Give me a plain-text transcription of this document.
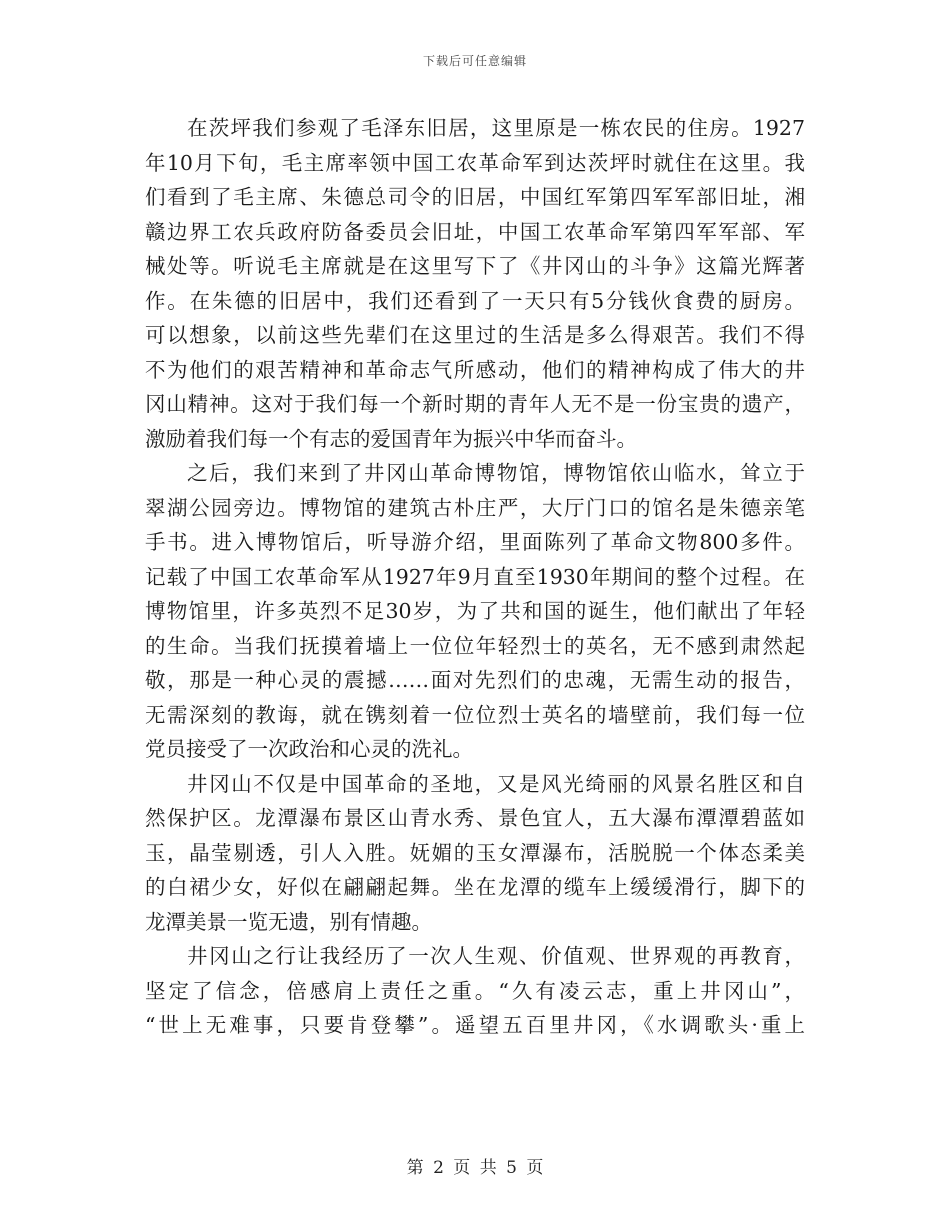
下载后可任意编辑
在茨坪我们参观了毛泽东旧居，这里原是一栋农民的住房。1927
年10月下旬，毛主席率领中国工农革命军到达茨坪时就住在这里。我
们看到了毛主席、朱德总司令的旧居，中国红军第四军军部旧址，湘
赣边界工农兵政府防备委员会旧址，中国工农革命军第四军军部、军
械处等。听说毛主席就是在这里写下了《井冈山的斗争》这篇光辉著
作。在朱德的旧居中，我们还看到了一天只有5分钱伙食费的厨房。
可以想象，以前这些先辈们在这里过的生活是多么得艰苦。我们不得
不为他们的艰苦精神和革命志气所感动，他们的精神构成了伟大的井
冈山精神。这对于我们每一个新时期的青年人无不是一份宝贵的遗产，
激励着我们每一个有志的爱国青年为振兴中华而奋斗。
之后，我们来到了井冈山革命博物馆，博物馆依山临水，耸立于
翠湖公园旁边。博物馆的建筑古朴庄严，大厅门口的馆名是朱德亲笔
手书。进入博物馆后，听导游介绍，里面陈列了革命文物800多件。
记载了中国工农革命军从1927年9月直至1930年期间的整个过程。在
博物馆里，许多英烈不足30岁，为了共和国的诞生，他们献出了年轻
的生命。当我们抚摸着墙上一位位年轻烈士的英名，无不感到肃然起
敬，那是一种心灵的震撼……面对先烈们的忠魂，无需生动的报告，
无需深刻的教诲，就在镌刻着一位位烈士英名的墙壁前，我们每一位
党员接受了一次政治和心灵的洗礼。
井冈山不仅是中国革命的圣地，又是风光绮丽的风景名胜区和自
然保护区。龙潭瀑布景区山青水秀、景色宜人，五大瀑布潭潭碧蓝如
玉，晶莹剔透，引人入胜。妩媚的玉女潭瀑布，活脱脱一个体态柔美
的白裙少女，好似在翩翩起舞。坐在龙潭的缆车上缓缓滑行，脚下的
龙潭美景一览无遗，别有情趣。
井冈山之行让我经历了一次人生观、价值观、世界观的再教育，
坚定了信念，倍感肩上责任之重。“久有凌云志，重上井冈山”，
“世上无难事，只要肯登攀”。遥望五百里井冈，《水调歌头·重上
第 2 页 共 5 页
